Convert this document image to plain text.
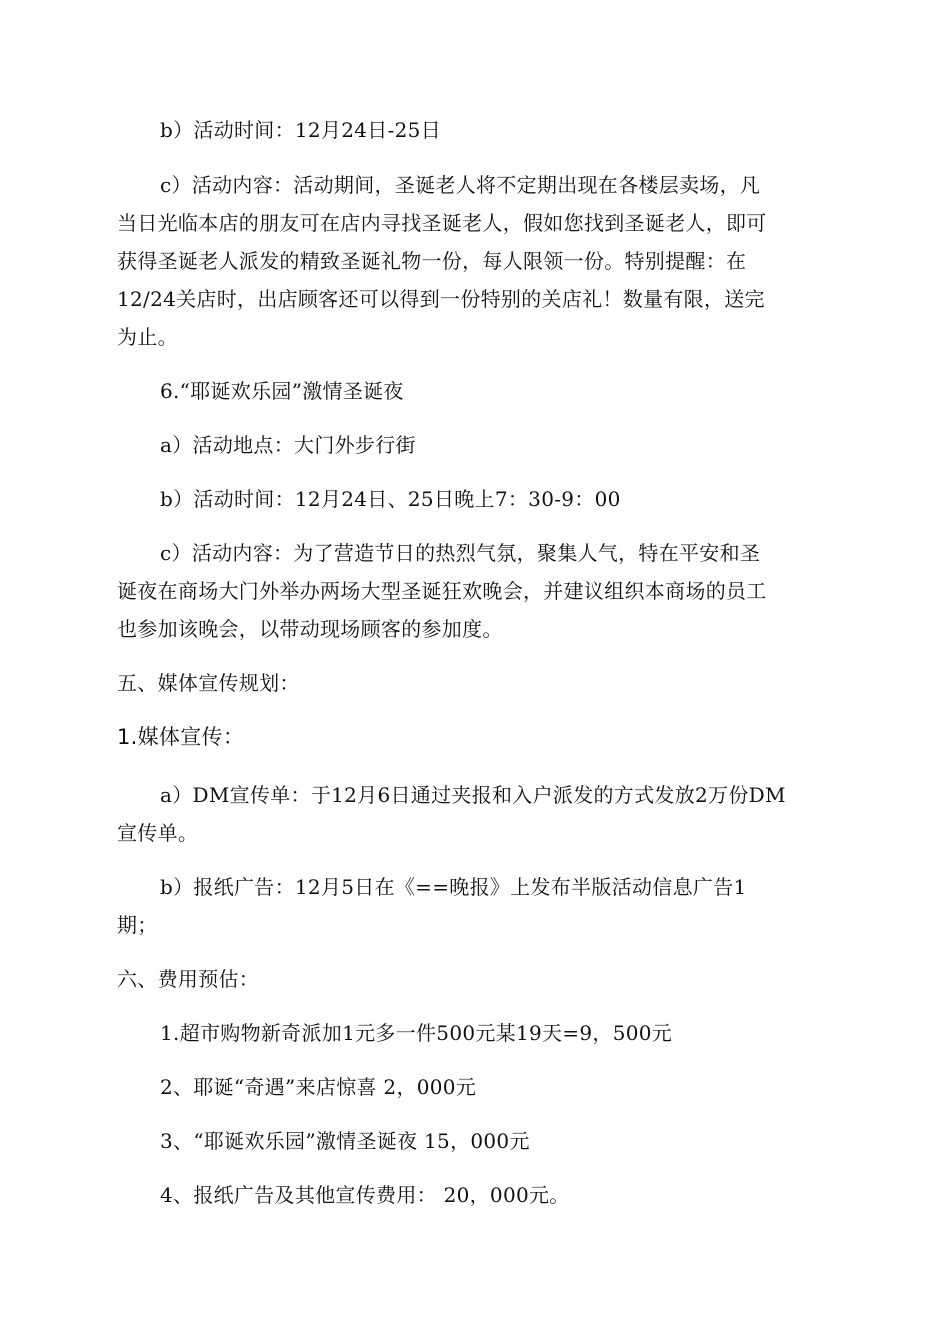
b）活动时间：12月24日-25日
c）活动内容：活动期间，圣诞老人将不定期出现在各楼层卖场，凡
当日光临本店的朋友可在店内寻找圣诞老人，假如您找到圣诞老人，即可
获得圣诞老人派发的精致圣诞礼物一份，每人限领一份。特别提醒：在
12/24关店时，出店顾客还可以得到一份特别的关店礼！数量有限，送完
为止。
6.“耶诞欢乐园”激情圣诞夜
a）活动地点：大门外步行街
b）活动时间：12月24日、25日晚上7：30-9：00
c）活动内容：为了营造节日的热烈气氛，聚集人气，特在平安和圣
诞夜在商场大门外举办两场大型圣诞狂欢晚会，并建议组织本商场的员工
也参加该晚会，以带动现场顾客的参加度。
五、媒体宣传规划：
1.媒体宣传：
a）DM宣传单：于12月6日通过夹报和入户派发的方式发放2万份DM
宣传单。
b）报纸广告：12月5日在《==晚报》上发布半版活动信息广告1
期；
六、费用预估：
1.超市购物新奇派加1元多一件500元某19天=9，500元
2、耶诞“奇遇”来店惊喜 2，000元
3、“耶诞欢乐园”激情圣诞夜 15，000元
4、报纸广告及其他宣传费用： 20，000元。
